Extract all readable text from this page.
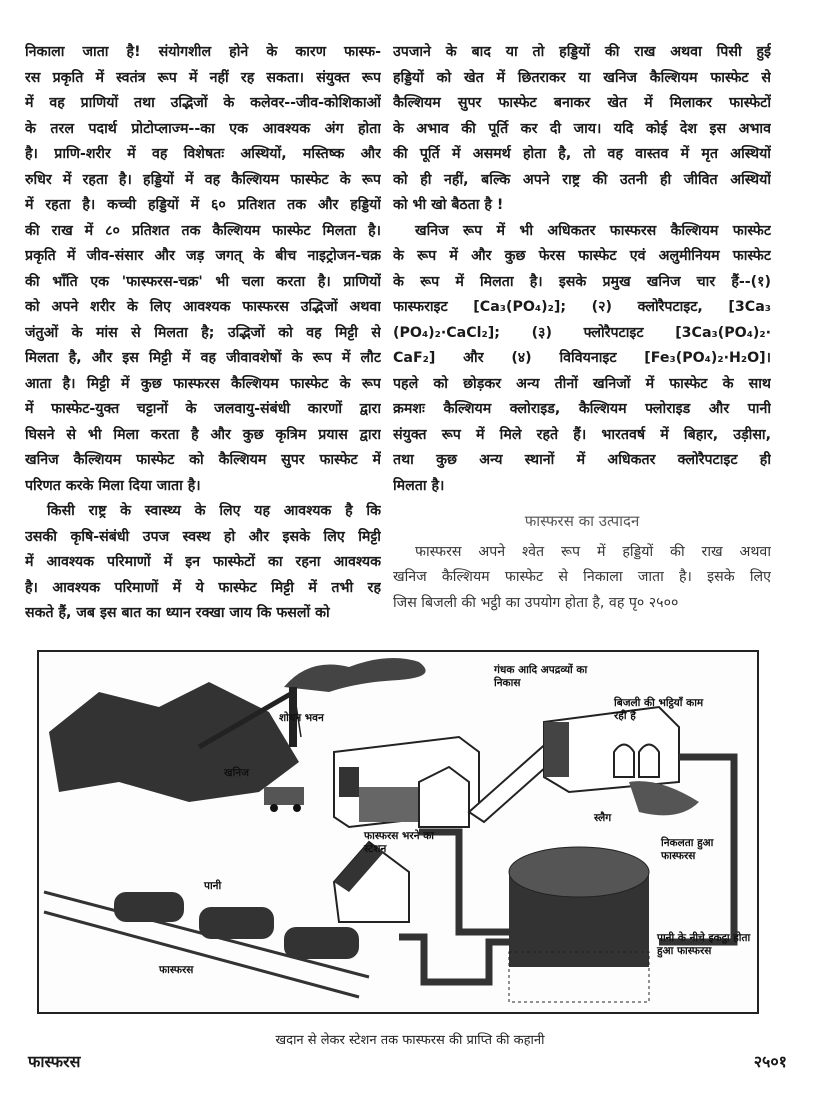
निकाला जाता है! संयोगशील होने के कारण फास्फ-
रस प्रकृति में स्वतंत्र रूप में नहीं रह सकता। संयुक्त रूप
में वह प्राणियों तथा उद्भिजों के कलेवर--जीव-कोशिकाओं
के तरल पदार्थ प्रोटोप्लाज्म--का एक आवश्यक अंग होता
है। प्राणि-शरीर में वह विशेषतः अस्थियों, मस्तिष्क और
रुधिर में रहता है। हड्डियों में वह कैल्शियम फास्फेट के रूप
में रहता है। कच्ची हड्डियों में ६० प्रतिशत तक और हड्डियों
की राख में ८० प्रतिशत तक कैल्शियम फास्फेट मिलता है।
प्रकृति में जीव-संसार और जड़ जगत् के बीच नाइट्रोजन-चक्र
की भाँति एक 'फास्फरस-चक्र' भी चला करता है। प्राणियों
को अपने शरीर के लिए आवश्यक फास्फरस उद्भिजों अथवा
जंतुओं के मांस से मिलता है; उद्भिजों को वह मिट्टी से
मिलता है, और इस मिट्टी में वह जीवावशेषों के रूप में लौट
आता है। मिट्टी में कुछ फास्फरस कैल्शियम फास्फेट के रूप
में फास्फेट-युक्त चट्टानों के जलवायु-संबंधी कारणों द्वारा
घिसने से भी मिला करता है और कुछ कृत्रिम प्रयास द्वारा
खनिज कैल्शियम फास्फेट को कैल्शियम सुपर फास्फेट में
परिणत करके मिला दिया जाता है।
किसी राष्ट्र के स्वास्थ्य के लिए यह आवश्यक है कि
उसकी कृषि-संबंधी उपज स्वस्थ हो और इसके लिए मिट्टी
में आवश्यक परिमाणों में इन फास्फेटों का रहना आवश्यक
है। आवश्यक परिमाणों में ये फास्फेट मिट्टी में तभी रह
सकते हैं, जब इस बात का ध्यान रक्खा जाय कि फसलों को
उपजाने के बाद या तो हड्डियों की राख अथवा पिसी हुई
हड्डियों को खेत में छितराकर या खनिज कैल्शियम फास्फेट से
कैल्शियम सुपर फास्फेट बनाकर खेत में मिलाकर फास्फेटों
के अभाव की पूर्ति कर दी जाय। यदि कोई देश इस अभाव
की पूर्ति में असमर्थ होता है, तो वह वास्तव में मृत अस्थियों
को ही नहीं, बल्कि अपने राष्ट्र की उतनी ही जीवित अस्थियों
को भी खो बैठता है !
खनिज रूप में भी अधिकतर फास्फरस कैल्शियम फास्फेट
के रूप में और कुछ फेरस फास्फेट एवं अलुमीनियम फास्फेट
के रूप में मिलता है। इसके प्रमुख खनिज चार हैं--(१)
फास्फराइट [Ca₃(PO₄)₂]; (२) क्लोरैपटाइट, [3Ca₃
(PO₄)₂·CaCl₂]; (३) फ्लोरैपटाइट [3Ca₃(PO₄)₂·
CaF₂] और (४) विवियनाइट [Fe₃(PO₄)₂·H₂O]।
पहले को छोड़कर अन्य तीनों खनिजों में फास्फेट के साथ
क्रमशः कैल्शियम क्लोराइड, कैल्शियम फ्लोराइड और पानी
संयुक्त रूप में मिले रहते हैं। भारतवर्ष में बिहार, उड़ीसा,
तथा कुछ अन्य स्थानों में अधिकतर क्लोरैपटाइट ही
मिलता है।
फास्फरस का उत्पादन
फास्फरस अपने श्वेत रूप में हड्डियों की राख अथवा
खनिज कैल्शियम फास्फेट से निकाला जाता है। इसके लिए
जिस बिजली की भट्ठी का उपयोग होता है, वह पृ० २५००
गंधक आदि अपद्रव्यों का निकास
शोधन भवन
बिजली की भट्ठियाँ काम रही हैं
खनिज
स्लैग
निकलता हुआ फास्फरस
फास्फरस भरने का स्टेशन
पानी
फास्फरस
पानी के नीचे इकट्ठा होता हुआ फास्फरस
खदान से लेकर स्टेशन तक फास्फरस की प्राप्ति की कहानी
फास्फरस	२५०१
